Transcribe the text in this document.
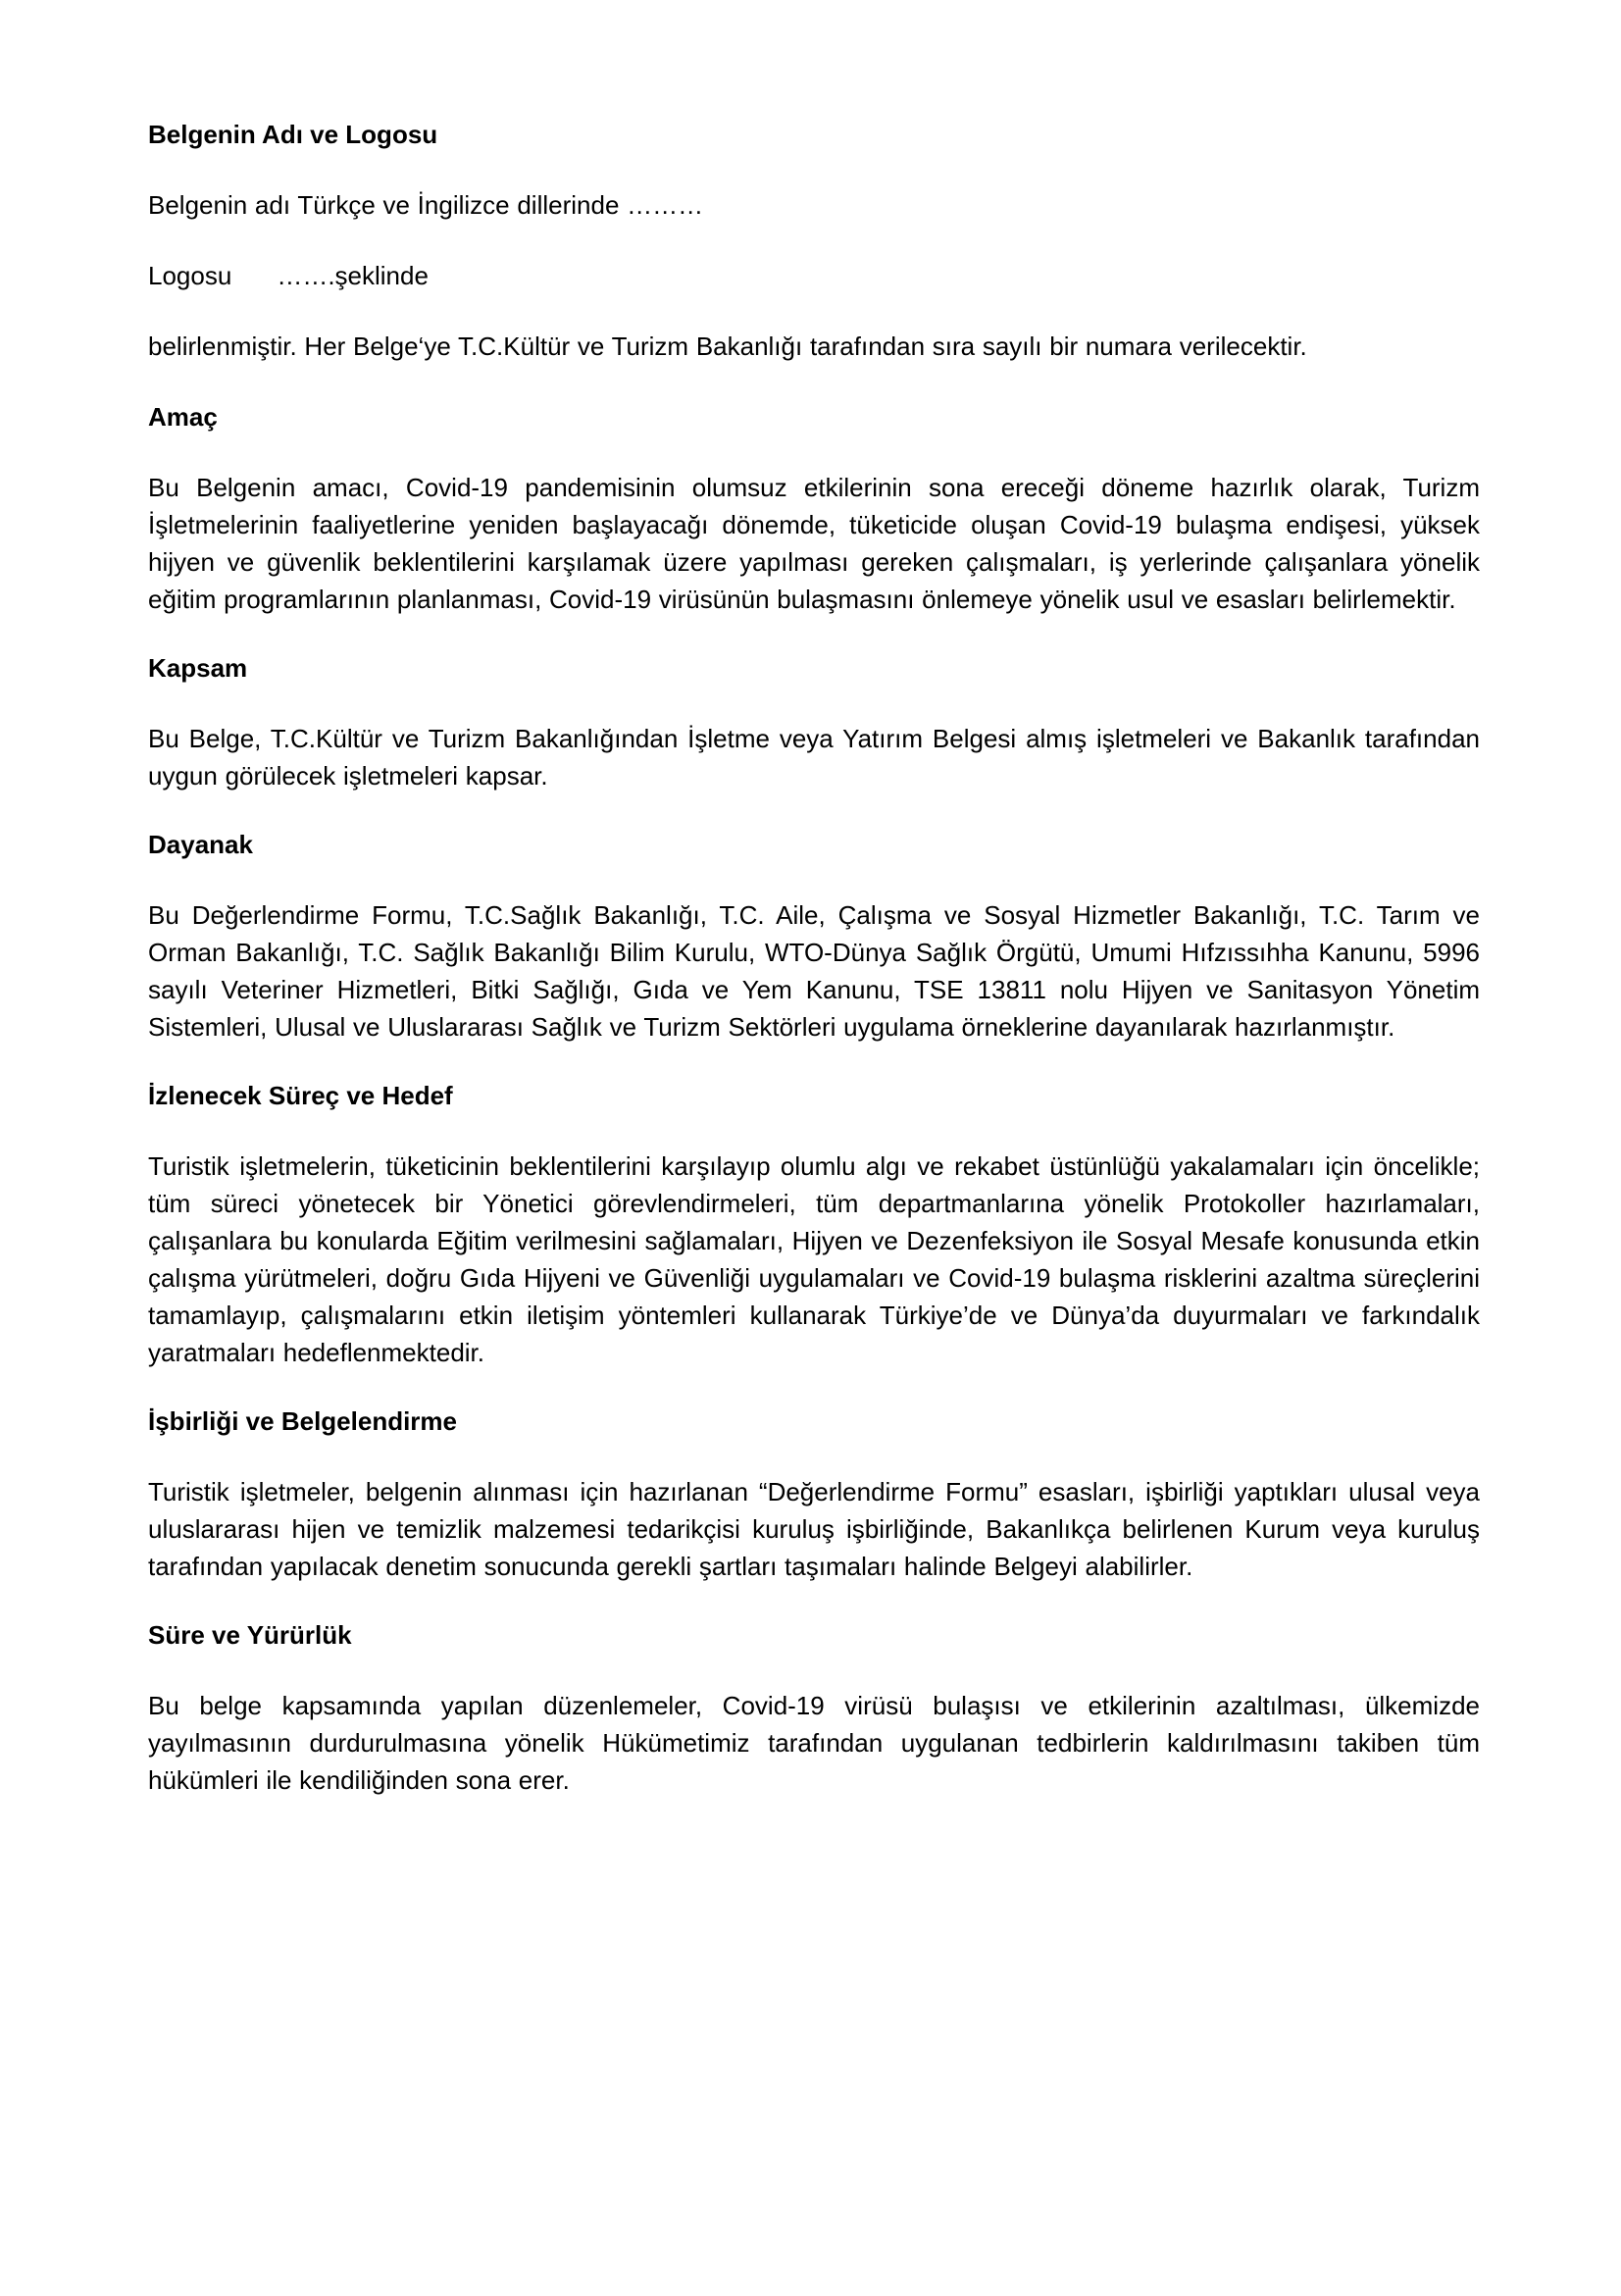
Belgenin Adı ve Logosu

Belgenin adı Türkçe ve İngilizce dillerinde ………

Logosu …….şeklinde

belirlenmiştir. Her Belge‘ye T.C.Kültür ve Turizm Bakanlığı tarafından sıra sayılı bir numara verilecektir.

Amaç

Bu Belgenin amacı, Covid-19 pandemisinin olumsuz etkilerinin sona ereceği döneme hazırlık olarak, Turizm İşletmelerinin faaliyetlerine yeniden başlayacağı dönemde, tüketicide oluşan Covid-19 bulaşma endişesi, yüksek hijyen ve güvenlik beklentilerini karşılamak üzere yapılması gereken çalışmaları, iş yerlerinde çalışanlara yönelik eğitim programlarının planlanması, Covid-19 virüsünün bulaşmasını önlemeye yönelik usul ve esasları belirlemektir.

Kapsam

Bu Belge, T.C.Kültür ve Turizm Bakanlığından İşletme veya Yatırım Belgesi almış işletmeleri ve Bakanlık tarafından uygun görülecek işletmeleri kapsar.

Dayanak

Bu Değerlendirme Formu, T.C.Sağlık Bakanlığı, T.C. Aile, Çalışma ve Sosyal Hizmetler Bakanlığı, T.C. Tarım ve Orman Bakanlığı, T.C. Sağlık Bakanlığı Bilim Kurulu, WTO-Dünya Sağlık Örgütü, Umumi Hıfzıssıhha Kanunu, 5996 sayılı Veteriner Hizmetleri, Bitki Sağlığı, Gıda ve Yem Kanunu, TSE 13811 nolu Hijyen ve Sanitasyon Yönetim Sistemleri, Ulusal ve Uluslararası Sağlık ve Turizm Sektörleri uygulama örneklerine dayanılarak hazırlanmıştır.

İzlenecek Süreç ve Hedef

Turistik işletmelerin, tüketicinin beklentilerini karşılayıp olumlu algı ve rekabet üstünlüğü yakalamaları için öncelikle; tüm süreci yönetecek bir Yönetici görevlendirmeleri, tüm departmanlarına yönelik Protokoller hazırlamaları, çalışanlara bu konularda Eğitim verilmesini sağlamaları, Hijyen ve Dezenfeksiyon ile Sosyal Mesafe konusunda etkin çalışma yürütmeleri, doğru Gıda Hijyeni ve Güvenliği uygulamaları ve Covid-19 bulaşma risklerini azaltma süreçlerini tamamlayıp, çalışmalarını etkin iletişim yöntemleri kullanarak Türkiye’de ve Dünya’da duyurmaları ve farkındalık yaratmaları hedeflenmektedir.

İşbirliği ve Belgelendirme

Turistik işletmeler, belgenin alınması için hazırlanan “Değerlendirme Formu” esasları, işbirliği yaptıkları ulusal veya uluslararası hijen ve temizlik malzemesi tedarikçisi kuruluş işbirliğinde, Bakanlıkça belirlenen Kurum veya kuruluş tarafından yapılacak denetim sonucunda gerekli şartları taşımaları halinde Belgeyi alabilirler.

Süre ve Yürürlük

Bu belge kapsamında yapılan düzenlemeler, Covid-19 virüsü bulaşısı ve etkilerinin azaltılması, ülkemizde yayılmasının durdurulmasına yönelik Hükümetimiz tarafından uygulanan tedbirlerin kaldırılmasını takiben tüm hükümleri ile kendiliğinden sona erer.
